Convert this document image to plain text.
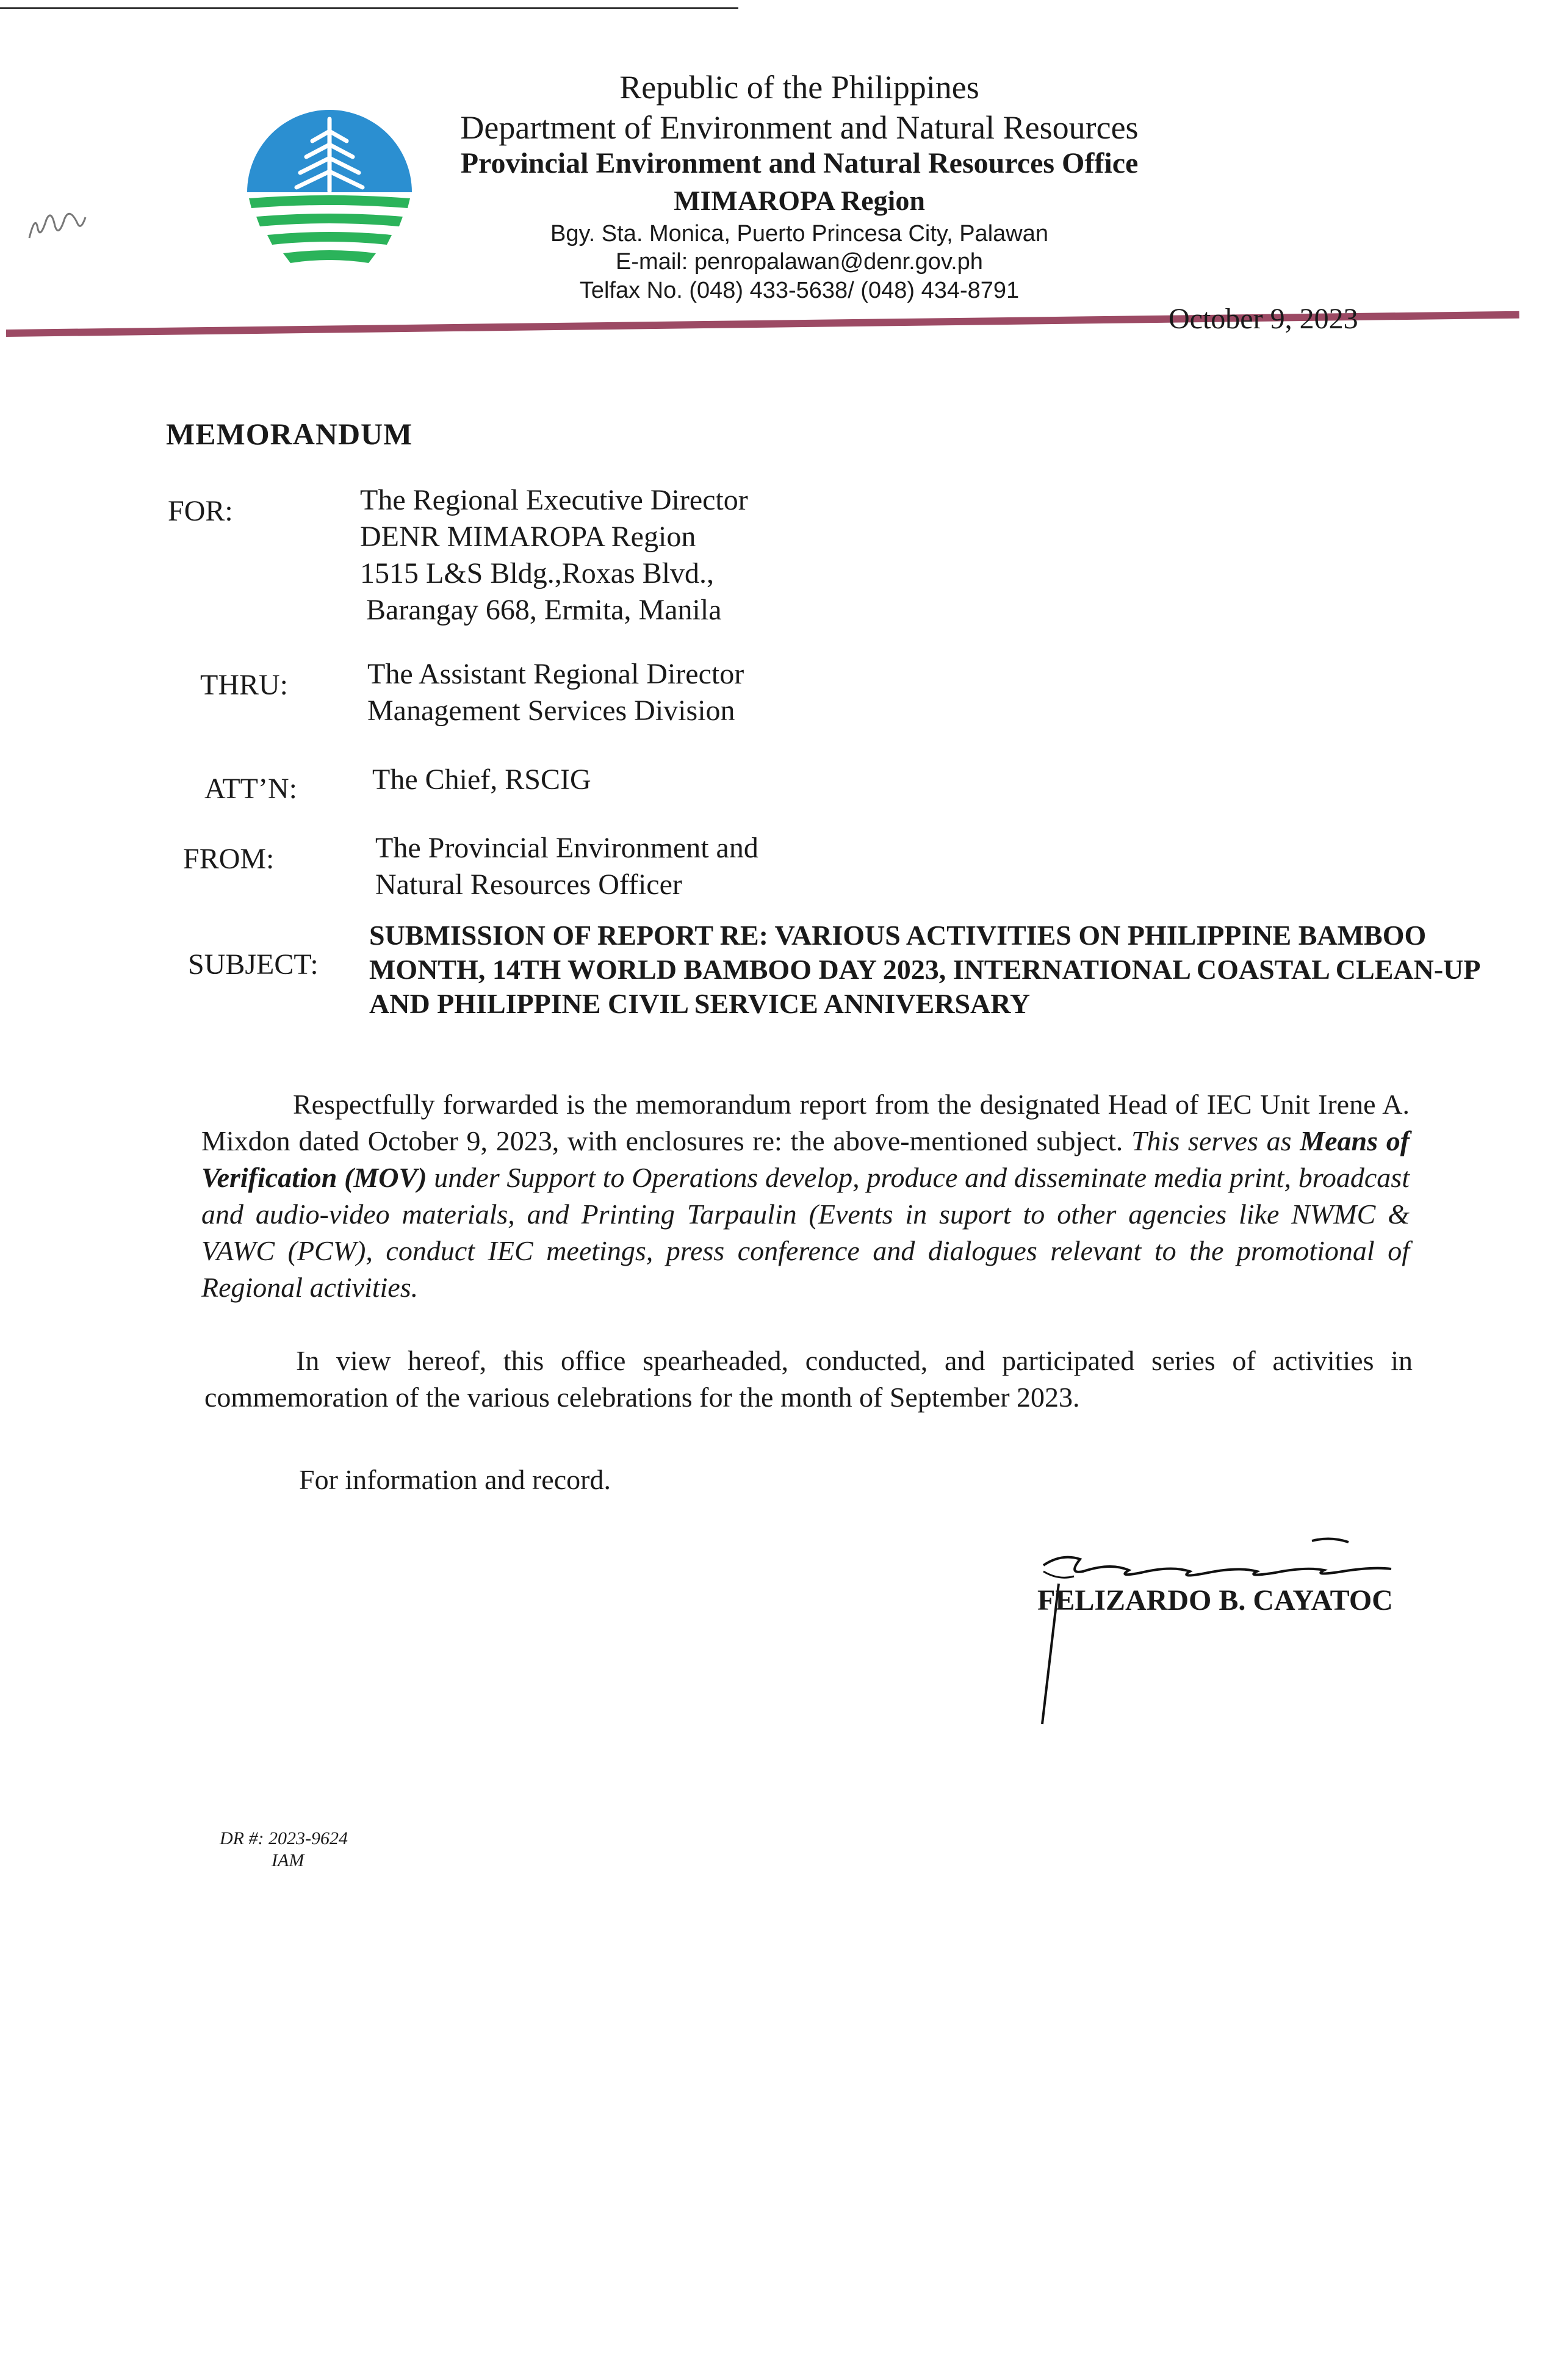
Republic of the Philippines
Department of Environment and Natural Resources
Provincial Environment and Natural Resources Office
MIMAROPA Region
Bgy. Sta. Monica, Puerto Princesa City, Palawan
E-mail: penropalawan@denr.gov.ph
Telfax No. (048) 433-5638/ (048) 434-8791
October 9, 2023
MEMORANDUM
FOR:	The Regional Executive Director
DENR MIMAROPA Region
1515 L&S Bldg.,Roxas Blvd.,
Barangay 668, Ermita, Manila
THRU:	The Assistant Regional Director
Management Services Division
ATT’N:	The Chief, RSCIG
FROM:	The Provincial Environment and
Natural Resources Officer
SUBJECT:
SUBMISSION OF REPORT RE: VARIOUS ACTIVITIES ON PHILIPPINE BAMBOO MONTH, 14TH WORLD BAMBOO DAY 2023, INTERNATIONAL COASTAL CLEAN-UP AND PHILIPPINE CIVIL SERVICE ANNIVERSARY

Respectfully forwarded is the memorandum report from the designated Head of IEC Unit Irene A. Mixdon dated October 9, 2023, with enclosures re: the above-mentioned subject. This serves as Means of Verification (MOV) under Support to Operations develop, produce and disseminate media print, broadcast and audio-video materials, and Printing Tarpaulin (Events in suport to other agencies like NWMC & VAWC (PCW), conduct IEC meetings, press conference and dialogues relevant to the promotional of Regional activities.

In view hereof, this office spearheaded, conducted, and participated series of activities in commemoration of the various celebrations for the month of September 2023.

For information and record.
FELIZARDO B. CAYATOC
DR #: 2023-9624
IAM
